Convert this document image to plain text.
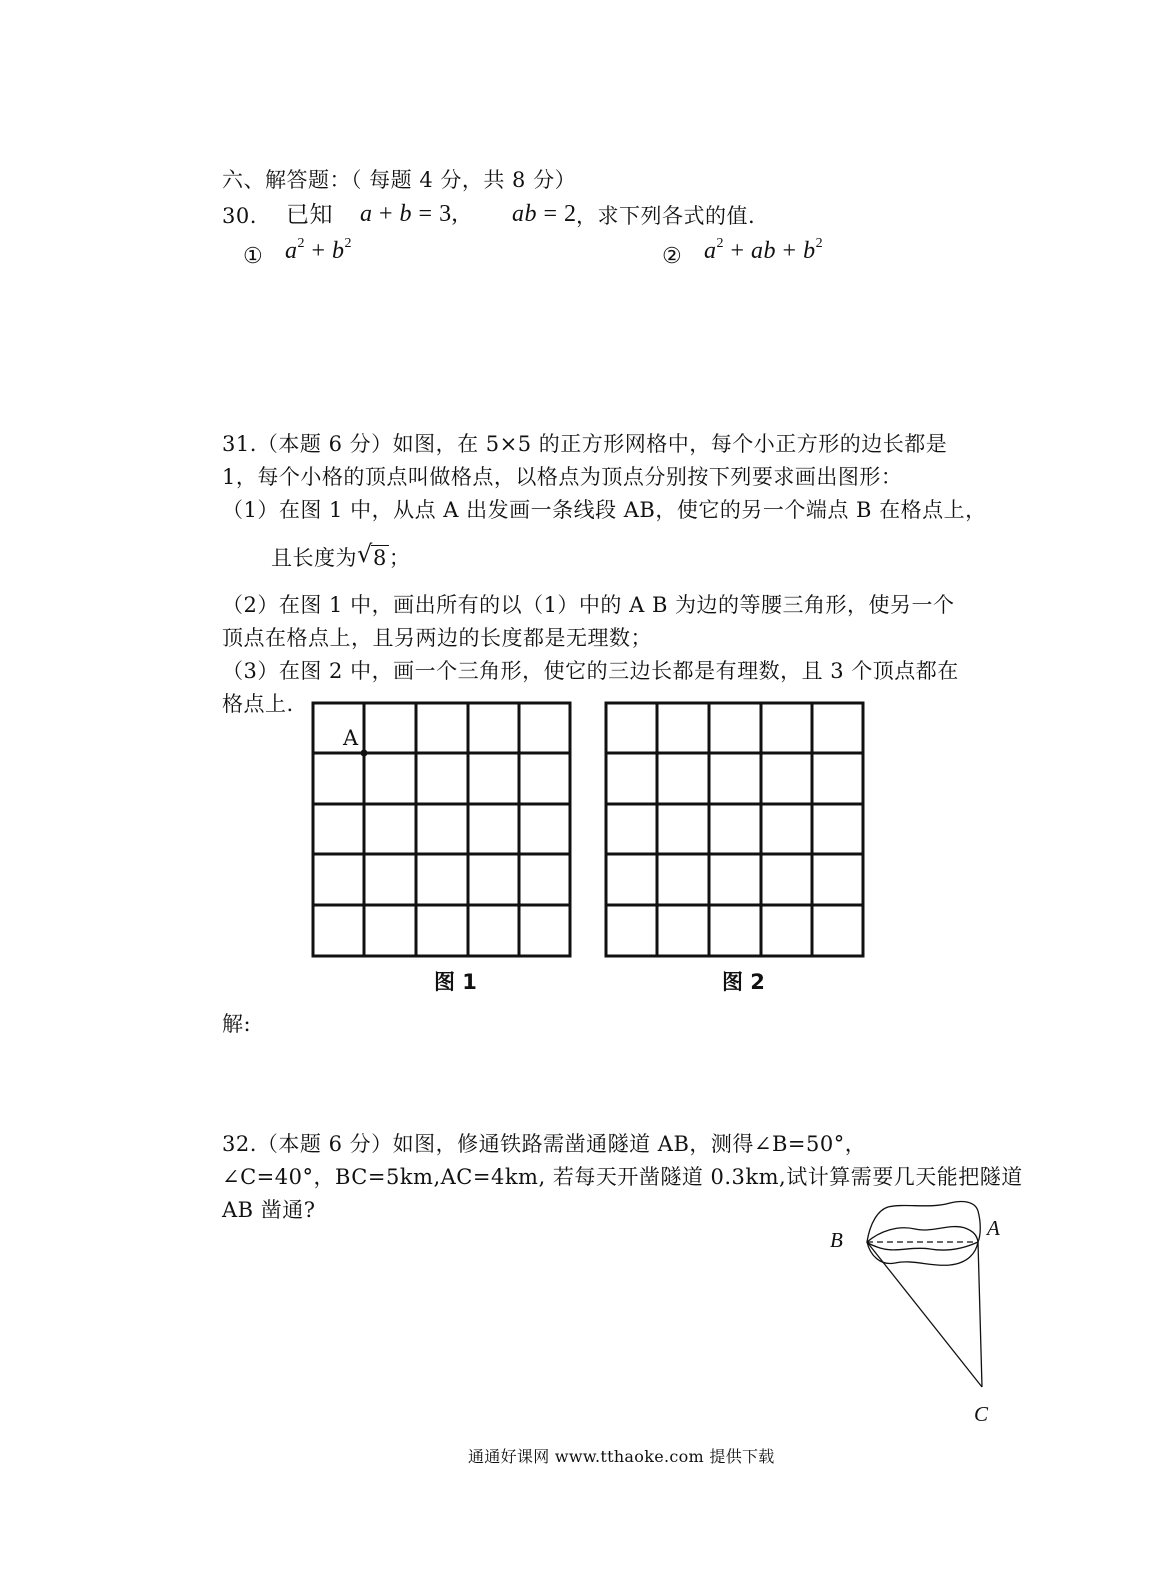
六、解答题：（ 每题 4 分，共 8 分）
30. 已知 a + b = 3, ab = 2 ，求下列各式的值.
① $a^2 + b^2$
② $a^2$ + ab + $b^2$
31.（本题 6 分）如图，在 5×5 的正方形网格中，每个小正方形的边长都是
1，每个小格的顶点叫做格点，以格点为顶点分别按下列要求画出图形：
（1）在图 1 中，从点 A 出发画一条线段 AB，使它的另一个端点 B 在格点上，
且长度为 √ 8；
（2）在图 1 中，画出所有的以（1）中的 A B 为边的等腰三角形，使另一个
顶点在格点上，且另两边的长度都是无理数；
（3）在图 2 中，画一个三角形，使它的三边长都是有理数，且 3 个顶点都在
格点上.
A
图 1	图 2
解:
32.（本题 6 分）如图，修通铁路需凿通隧道 AB，测得∠B=50°，
∠C=40°，BC=5km,AC=4km, 若每天开凿隧道 0.3km,试计算需要几天能把隧道
AB 凿通?
B	A
C
通通好课网 www.tthaoke.com 提供下载
